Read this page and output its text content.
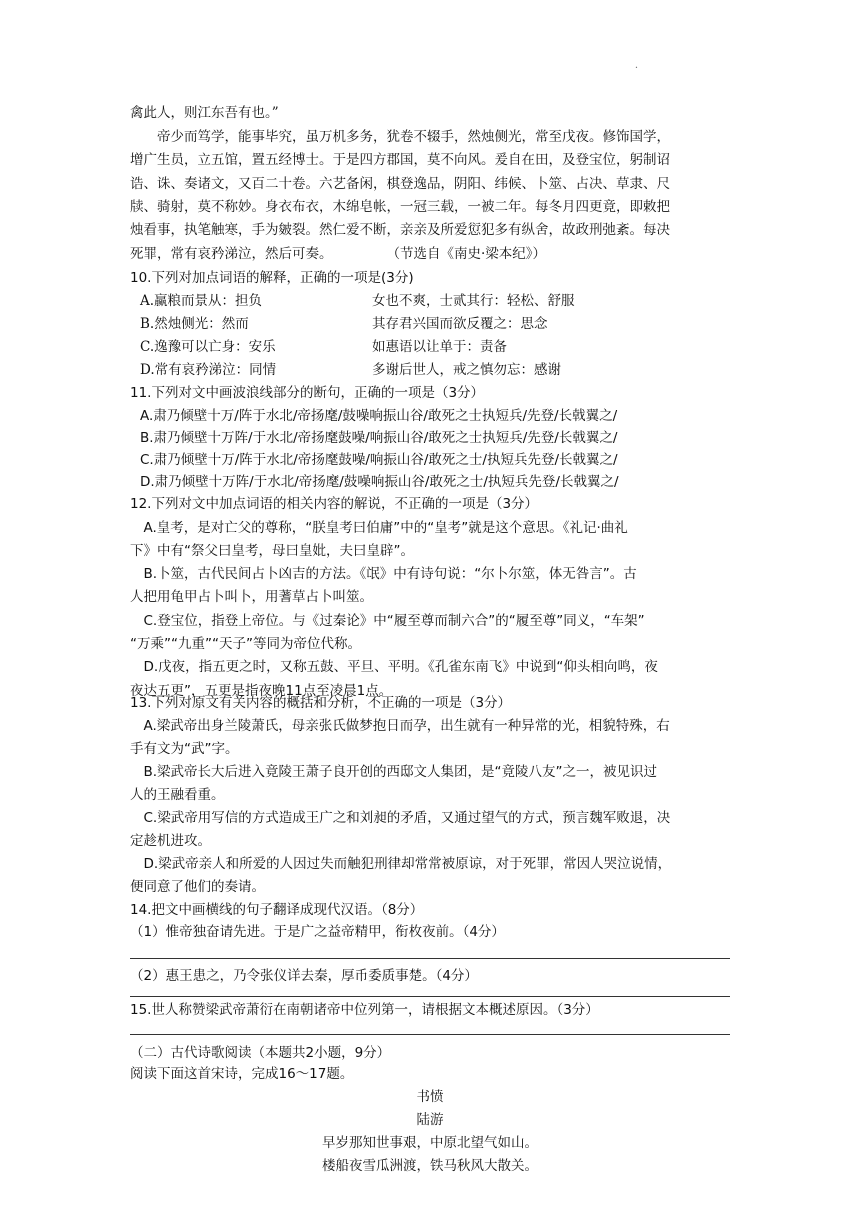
.
禽此人，则江东吾有也。”
　　帝少而笃学，能事毕究，虽万机多务，犹卷不辍手，然烛侧光，常至戊夜。修饰国学，
增广生员，立五馆，置五经博士。于是四方郡国，莫不向风。爰自在田，及登宝位，躬制诏
诰、诛、奏诸文，又百二十卷。六艺备闲，棋登逸品，阴阳、纬候、卜筮、占决、草隶、尺
牍、骑射，莫不称妙。身衣布衣，木绵皂帐，一冠三载，一被二年。每冬月四更竟，即敕把
烛看事，执笔触寒，手为皴裂。然仁爱不断，亲亲及所爱愆犯多有纵舍，故政刑弛紊。每决
死罪，常有哀矜涕泣，然后可奏。　　　　　（节选自《南史·梁本纪》）
10.下列对加点词语的解释，正确的一项是(3分)
A.赢粮而景从：担负	女也不爽，士贰其行：轻松、舒服
B.然烛侧光：然而	其存君兴国而欲反覆之：思念
C.逸豫可以亡身：安乐	如惠语以让单于：责备
D.常有哀矜涕泣：同情	多谢后世人，戒之慎勿忘：感谢
11.下列对文中画波浪线部分的断句，正确的一项是（3分）
A.肃乃倾壁十万/阵于水北/帝扬麾/鼓噪响振山谷/敢死之士执短兵/先登/长戟翼之/
B.肃乃倾壁十万阵/于水北/帝扬麾鼓噪/响振山谷/敢死之士执短兵/先登/长戟翼之/
C.肃乃倾壁十万/阵于水北/帝扬麾鼓噪/响振山谷/敢死之士/执短兵先登/长戟翼之/
D.肃乃倾壁十万阵/于水北/帝扬麾/鼓噪响振山谷/敢死之士/执短兵先登/长戟翼之/
12.下列对文中加点词语的相关内容的解说，不正确的一项是（3分）
　A.皇考，是对亡父的尊称，“朕皇考曰伯庸”中的“皇考”就是这个意思。《礼记·曲礼
下》中有“祭父曰皇考，母曰皇妣，夫曰皇辟”。
　B.卜筮，古代民间占卜凶吉的方法。《氓》中有诗句说：“尔卜尔筮，体无咎言”。古
人把用龟甲占卜叫卜，用蓍草占卜叫筮。
　C.登宝位，指登上帝位。与《过秦论》中“履至尊而制六合”的“履至尊”同义，“车架”
“万乘”“九重”“天子”等同为帝位代称。
　D.戊夜，指五更之时，又称五鼓、平旦、平明。《孔雀东南飞》中说到“仰头相向鸣，夜
夜达五更”，五更是指夜晚11点至凌晨1点。
13.下列对原文有关内容的概括和分析，不正确的一项是（3分）
　A.梁武帝出身兰陵萧氏，母亲张氏做梦抱日而孕，出生就有一种异常的光，相貌特殊，右
手有文为“武”字。
　B.梁武帝长大后进入竟陵王萧子良开创的西邸文人集团，是“竟陵八友”之一，被见识过
人的王融看重。
　C.梁武帝用写信的方式造成王广之和刘昶的矛盾，又通过望气的方式，预言魏军败退，决
定趁机进攻。
　D.梁武帝亲人和所爱的人因过失而触犯刑律却常常被原谅，对于死罪，常因人哭泣说情，
便同意了他们的奏请。
14.把文中画横线的句子翻译成现代汉语。（8分）
（1）惟帝独奋请先进。于是广之益帝精甲，衔枚夜前。（4分）
（2）惠王患之，乃令张仪详去秦，厚币委质事楚。（4分）
15.世人称赞梁武帝萧衍在南朝诸帝中位列第一，请根据文本概述原因。（3分）
（二）古代诗歌阅读（本题共2小题，9分）
阅读下面这首宋诗，完成16～17题。
书愤
陆游
早岁那知世事艰，中原北望气如山。
楼船夜雪瓜洲渡，铁马秋风大散关。
